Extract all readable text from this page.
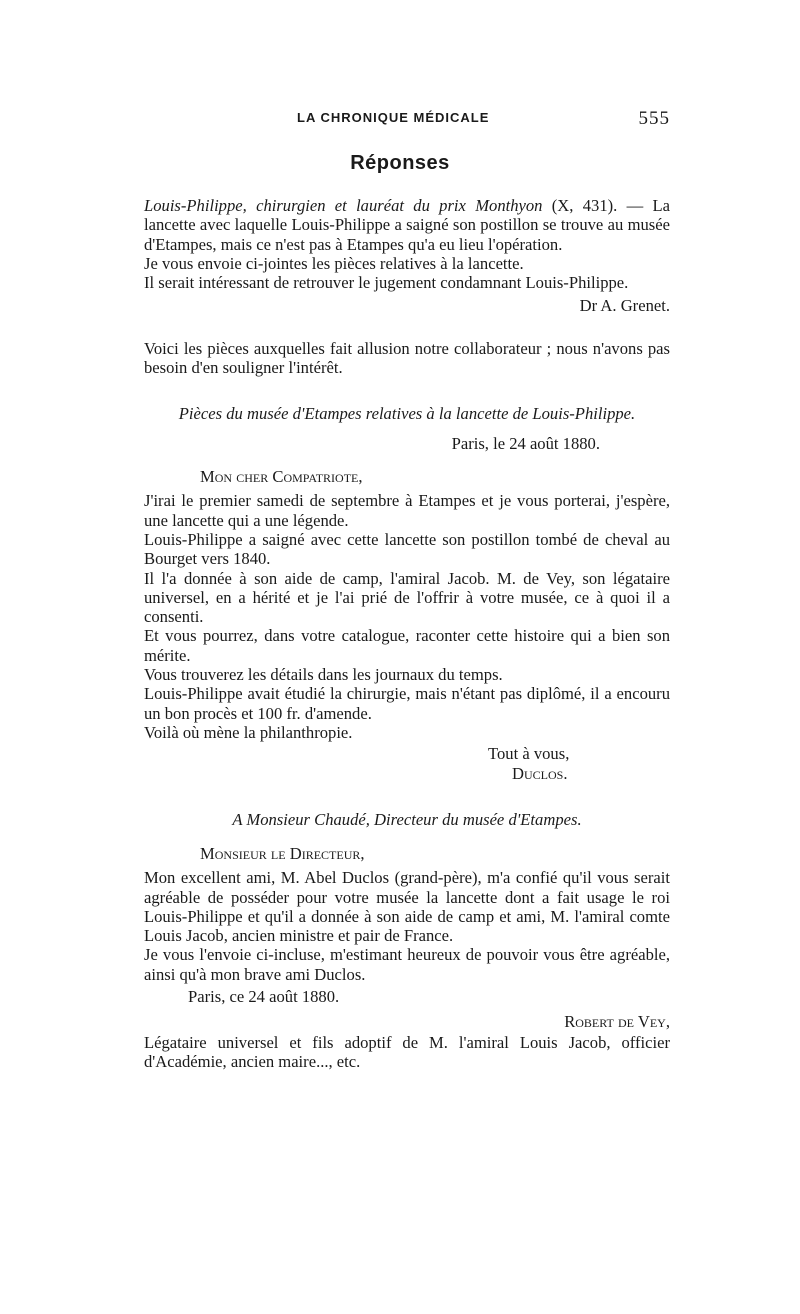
LA CHRONIQUE MÉDICALE	555
Réponses

Louis-Philippe, chirurgien et lauréat du prix Monthyon (X, 431). — La lancette avec laquelle Louis-Philippe a saigné son postillon se trouve au musée d'Etampes, mais ce n'est pas à Etampes qu'a eu lieu l'opération.

Je vous envoie ci-jointes les pièces relatives à la lancette.

Il serait intéressant de retrouver le jugement condamnant Louis-Philippe.

Dr A. Grenet.

Voici les pièces auxquelles fait allusion notre collaborateur ; nous n'avons pas besoin d'en souligner l'intérêt.

Pièces du musée d'Etampes relatives à la lancette de Louis-Philippe.

Paris, le 24 août 1880.

Mon cher Compatriote,

J'irai le premier samedi de septembre à Etampes et je vous porterai, j'espère, une lancette qui a une légende.

Louis-Philippe a saigné avec cette lancette son postillon tombé de cheval au Bourget vers 1840.

Il l'a donnée à son aide de camp, l'amiral Jacob. M. de Vey, son légataire universel, en a hérité et je l'ai prié de l'offrir à votre musée, ce à quoi il a consenti.

Et vous pourrez, dans votre catalogue, raconter cette histoire qui a bien son mérite.

Vous trouverez les détails dans les journaux du temps.

Louis-Philippe avait étudié la chirurgie, mais n'étant pas diplômé, il a encouru un bon procès et 100 fr. d'amende.

Voilà où mène la philanthropie.

Tout à vous,
Duclos.

A Monsieur Chaudé, Directeur du musée d'Etampes.

Monsieur le Directeur,

Mon excellent ami, M. Abel Duclos (grand-père), m'a confié qu'il vous serait agréable de posséder pour votre musée la lancette dont a fait usage le roi Louis-Philippe et qu'il a donnée à son aide de camp et ami, M. l'amiral comte Louis Jacob, ancien ministre et pair de France.

Je vous l'envoie ci-incluse, m'estimant heureux de pouvoir vous être agréable, ainsi qu'à mon brave ami Duclos.

Paris, ce 24 août 1880.

Robert de Vey,

Légataire universel et fils adoptif de M. l'amiral Louis Jacob, officier d'Académie, ancien maire..., etc.
